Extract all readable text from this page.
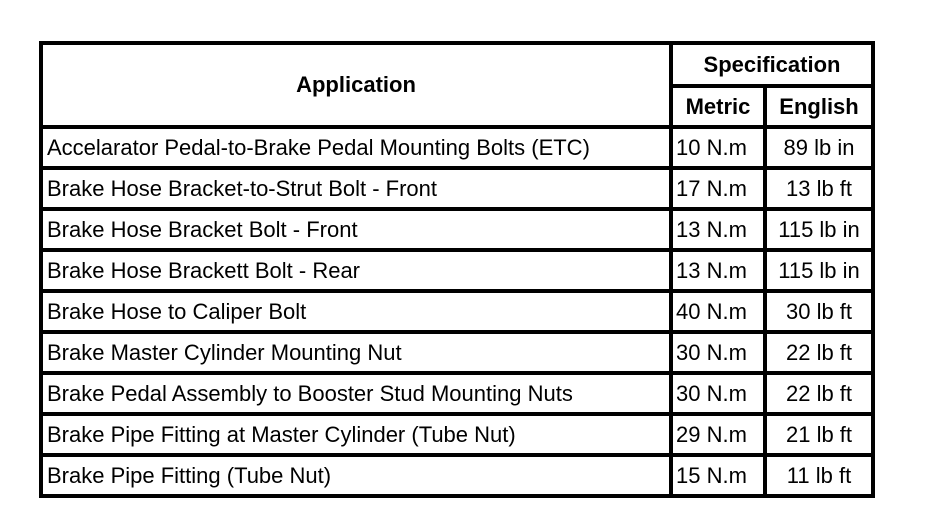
Application	Specification	
	Metric	English
Accelarator Pedal-to-Brake Pedal Mounting Bolts (ETC)	10 N.m	89 lb in
Brake Hose Bracket-to-Strut Bolt - Front	17 N.m	13 lb ft
Brake Hose Bracket Bolt - Front	13 N.m	115 lb in
Brake Hose Brackett Bolt - Rear	13 N.m	115 lb in
Brake Hose to Caliper Bolt	40 N.m	30 lb ft
Brake Master Cylinder Mounting Nut	30 N.m	22 lb ft
Brake Pedal Assembly to Booster Stud Mounting Nuts	30 N.m	22 lb ft
Brake Pipe Fitting at Master Cylinder (Tube Nut)	29 N.m	21 lb ft
Brake Pipe Fitting (Tube Nut)	15 N.m	11 lb ft
